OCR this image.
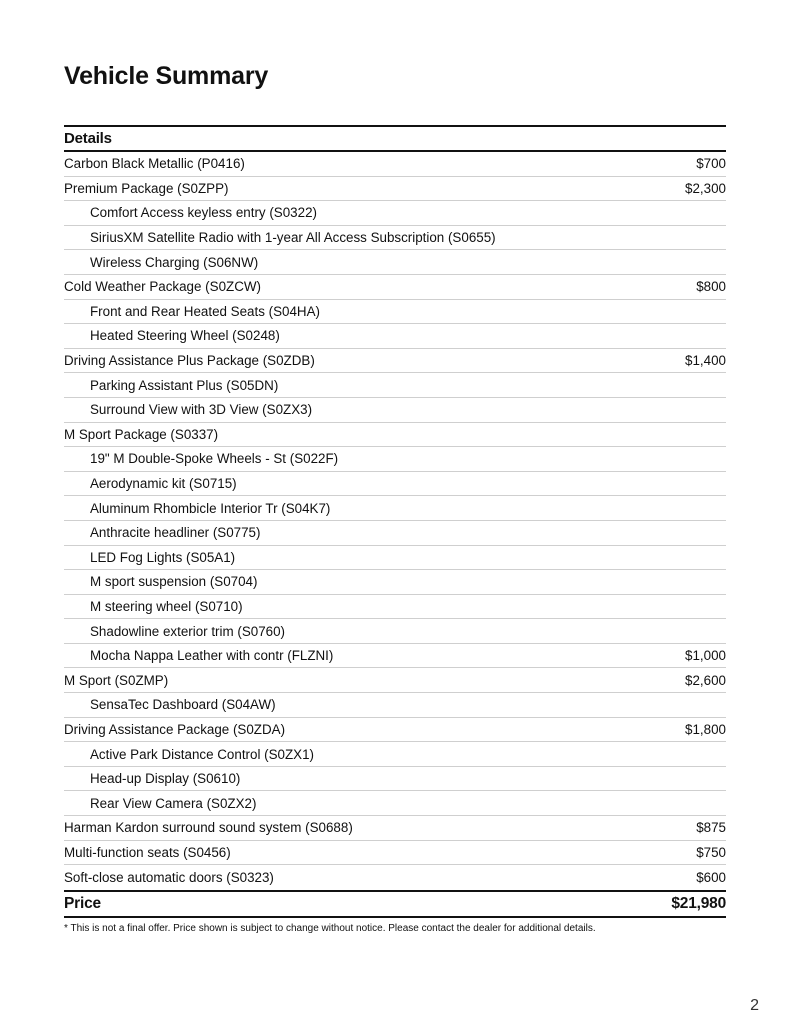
Vehicle Summary
Details
Carbon Black Metallic (P0416)	$700
Premium Package (S0ZPP)	$2,300
Comfort Access keyless entry (S0322)
SiriusXM Satellite Radio with 1-year All Access Subscription (S0655)
Wireless Charging (S06NW)
Cold Weather Package (S0ZCW)	$800
Front and Rear Heated Seats (S04HA)
Heated Steering Wheel (S0248)
Driving Assistance Plus Package (S0ZDB)	$1,400
Parking Assistant Plus (S05DN)
Surround View with 3D View (S0ZX3)
M Sport Package (S0337)
19" M Double-Spoke Wheels - St (S022F)
Aerodynamic kit (S0715)
Aluminum Rhombicle Interior Tr (S04K7)
Anthracite headliner (S0775)
LED Fog Lights (S05A1)
M sport suspension (S0704)
M steering wheel (S0710)
Shadowline exterior trim (S0760)
Mocha Nappa Leather with contr (FLZNI)	$1,000
M Sport (S0ZMP)	$2,600
SensaTec Dashboard (S04AW)
Driving Assistance Package (S0ZDA)	$1,800
Active Park Distance Control (S0ZX1)
Head-up Display (S0610)
Rear View Camera (S0ZX2)
Harman Kardon surround sound system (S0688)	$875
Multi-function seats (S0456)	$750
Soft-close automatic doors (S0323)	$600
Price	$21,980

* This is not a final offer. Price shown is subject to change without notice. Please contact the dealer for additional details.

2
